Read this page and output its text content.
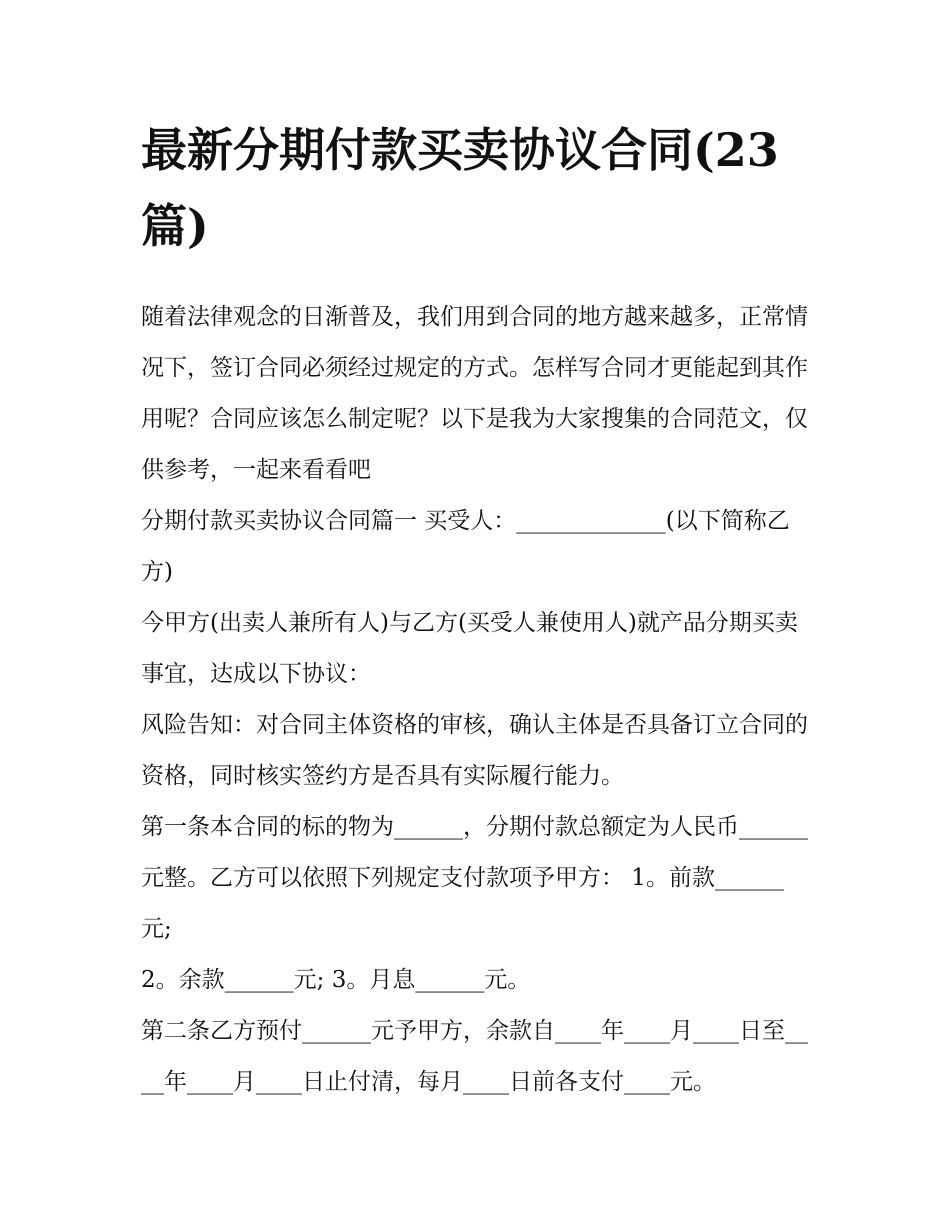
最新分期付款买卖协议合同(23篇)

随着法律观念的日渐普及，我们用到合同的地方越来越多，正常情况下，签订合同必须经过规定的方式。怎样写合同才更能起到其作用呢？合同应该怎么制定呢？以下是我为大家搜集的合同范文，仅供参考，一起来看看吧

分期付款买卖协议合同篇一 买受人：_____________(以下简称乙方)

今甲方(出卖人兼所有人)与乙方(买受人兼使用人)就产品分期买卖事宜，达成以下协议：

风险告知：对合同主体资格的审核，确认主体是否具备订立合同的资格，同时核实签约方是否具有实际履行能力。

第一条本合同的标的物为______，分期付款总额定为人民币______元整。乙方可以依照下列规定支付款项予甲方： 1。前款______元;

2。余款______元; 3。月息______元。

第二条乙方预付______元予甲方，余款自____年____月____日至____年____月____日止付清，每月____日前各支付____元。
